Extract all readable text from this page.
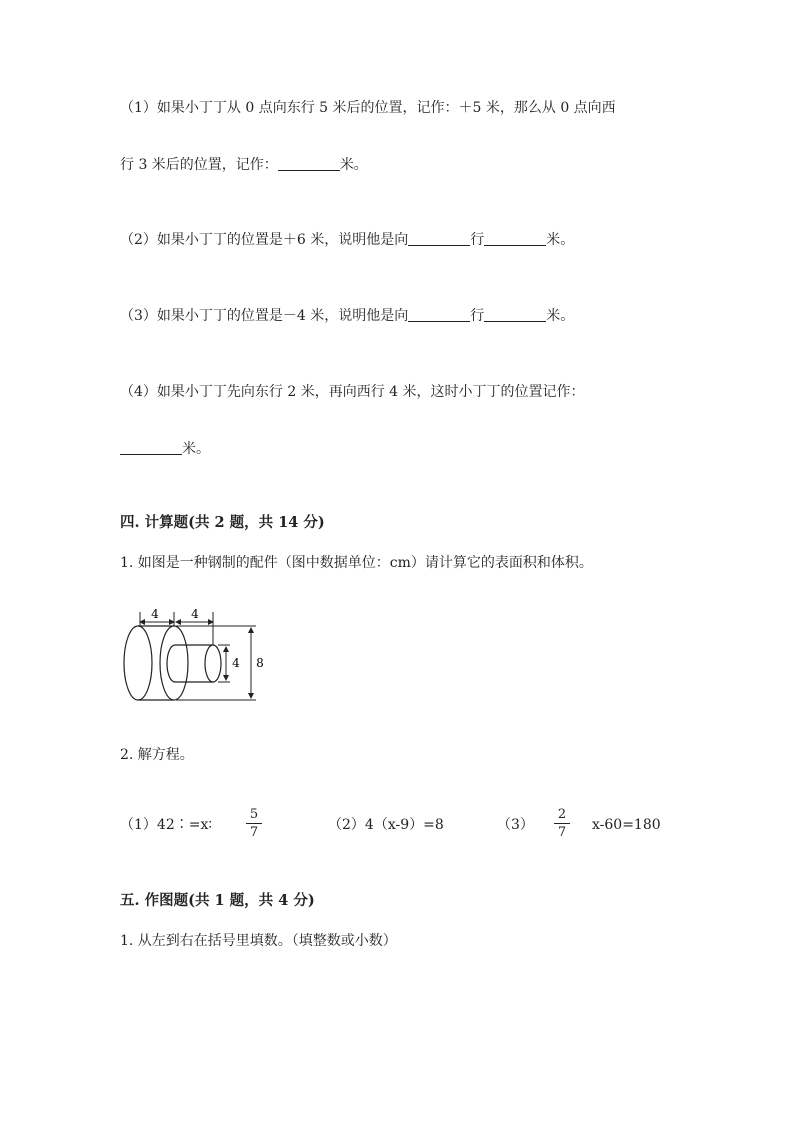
（1）如果小丁丁从 0 点向东行 5 米后的位置，记作：＋5 米，那么从 0 点向西
行 3 米后的位置，记作：	米。
（2）如果小丁丁的位置是＋6 米，说明他是向	行	米。
（3）如果小丁丁的位置是－4 米，说明他是向	行	米。
（4）如果小丁丁先向东行 2 米，再向西行 4 米，这时小丁丁的位置记作：
米。
四. 计算题(共 2 题，共 14 分)
1. 如图是一种钢制的配件（图中数据单位：cm）请计算它的表面积和体积。
4	4
4 8
2. 解方程。
（1）42∶=x∶
5
7	（2）4（x-9）=8	（3）
2
7 x-60=180
五. 作图题(共 1 题，共 4 分)
1. 从左到右在括号里填数。（填整数或小数）
